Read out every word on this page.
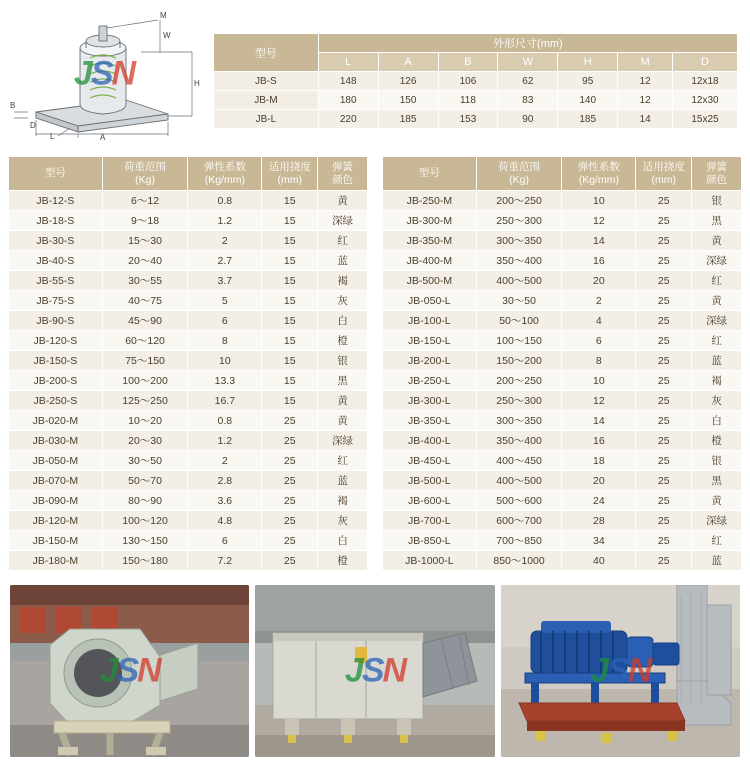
M
H
W
A
L
D
B
JSN
型号	外形尺寸(mm)						
	L	A	B	W	H	M	D
JB-S	148	126	106	62	95	12	12x18
JB-M	180	150	118	83	140	12	12x30
JB-L	220	185	153	90	185	14	15x25
型号	
荷重范围
(Kg)

弹性系数
(Kg/mm)

适用挠度
(mm)

弹簧
颜色

JB-12-S	6～12	0.8	15	黄
JB-18-S	9～18	1.2	15	深绿
JB-30-S	15～30	2	15	红
JB-40-S	20～40	2.7	15	蓝
JB-55-S	30～55	3.7	15	褐
JB-75-S	40～75	5	15	灰
JB-90-S	45～90	6	15	白
JB-120-S	60～120	8	15	橙
JB-150-S	75～150	10	15	银
JB-200-S	100～200	13.3	15	黑
JB-250-S	125～250	16.7	15	黄
JB-020-M	10～20	0.8	25	黄
JB-030-M	20～30	1.2	25	深绿
JB-050-M	30～50	2	25	红
JB-070-M	50～70	2.8	25	蓝
JB-090-M	80～90	3.6	25	褐
JB-120-M	100～120	4.8	25	灰
JB-150-M	130～150	6	25	白
JB-180-M	150～180	7.2	25	橙
型号	
荷重范围
(Kg)

弹性系数
(Kg/mm)

适用挠度
(mm)

弹簧
颜色

JB-250-M	200～250	10	25	银
JB-300-M	250～300	12	25	黑
JB-350-M	300～350	14	25	黄
JB-400-M	350～400	16	25	深绿
JB-500-M	400～500	20	25	红
JB-050-L	30～50	2	25	黄
JB-100-L	50～100	4	25	深绿
JB-150-L	100～150	6	25	红
JB-200-L	150～200	8	25	蓝
JB-250-L	200～250	10	25	褐
JB-300-L	250～300	12	25	灰
JB-350-L	300～350	14	25	白
JB-400-L	350～400	16	25	橙
JB-450-L	400～450	18	25	银
JB-500-L	400～500	20	25	黑
JB-600-L	500～600	24	25	黄
JB-700-L	600～700	28	25	深绿
JB-850-L	700～850	34	25	红
JB-1000-L	850～1000	40	25	蓝
JSN	JSN	JSN
